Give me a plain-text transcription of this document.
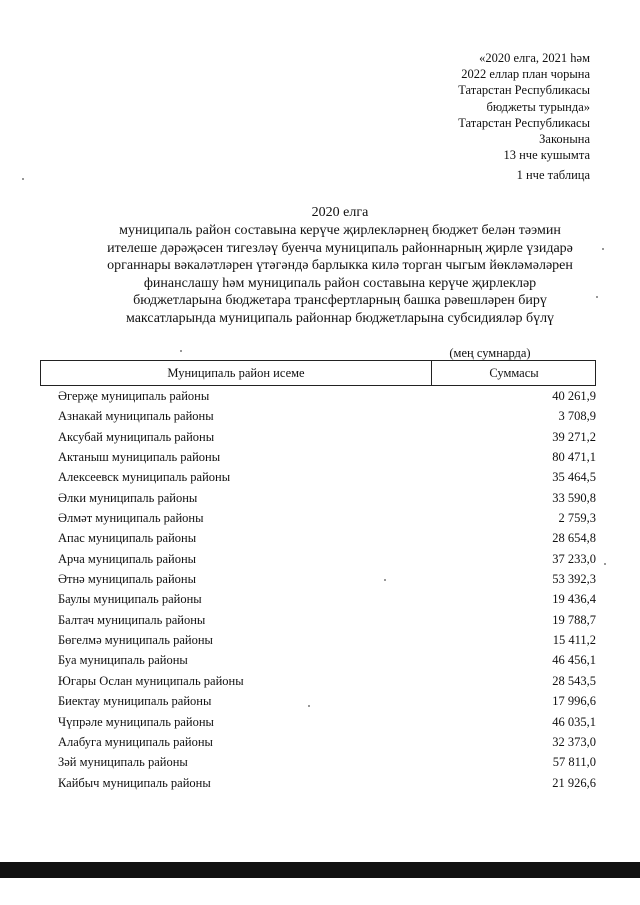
«2020 елга, 2021 һәм
2022 еллар план чорына
Татарстан Республикасы
бюджеты турында»
Татарстан Республикасы
Законына
13 нче кушымта
1 нче таблица
2020 елга
муниципаль район составына керүче җирлекләрнең бюджет белән тәэмин
ителеше дәрәҗәсен тигезләү буенча муниципаль районнарның җирле үзидарә
органнары вәкаләтләрен үтәгәндә барлыкка килә торган чыгым йөкләмәләрен
финанслашу һәм муниципаль район составына керүче җирлекләр
бюджетларына бюджетара трансфертларның башка рәвешләрен бирү
максатларында муниципаль районнар бюджетларына субсидияләр бүлү
(мең сумнарда)
Муниципаль район исеме	Суммасы
Әгерҗе муниципаль районы	40 261,9
Азнакай муниципаль районы	3 708,9
Аксубай муниципаль районы	39 271,2
Актаныш муниципаль районы	80 471,1
Алексеевск муниципаль районы	35 464,5
Әлки муниципаль районы	33 590,8
Әлмәт муниципаль районы	2 759,3
Апас муниципаль районы	28 654,8
Арча муниципаль районы	37 233,0
Әтнә муниципаль районы	53 392,3
Баулы муниципаль районы	19 436,4
Балтач муниципаль районы	19 788,7
Бөгелмә муниципаль районы	15 411,2
Буа муниципаль районы	46 456,1
Югары Ослан муниципаль районы	28 543,5
Биектау муниципаль районы	17 996,6
Чүпрәле муниципаль районы	46 035,1
Алабуга муниципаль районы	32 373,0
Зәй муниципаль районы	57 811,0
Кайбыч муниципаль районы	21 926,6
